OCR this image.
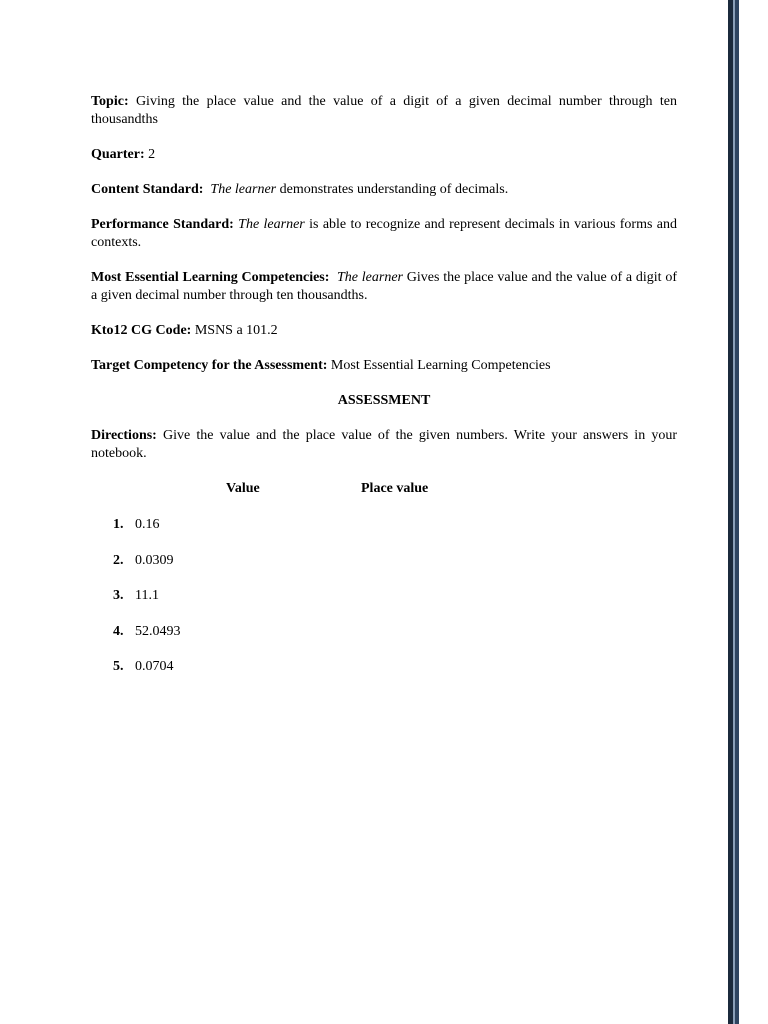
Topic: Giving the place value and the value of a digit of a given decimal number through ten thousandths

Quarter: 2

Content Standard: The learner demonstrates understanding of decimals.

Performance Standard: The learner is able to recognize and represent decimals in various forms and contexts.

Most Essential Learning Competencies: The learner Gives the place value and the value of a digit of a given decimal number through ten thousandths.

Kto12 CG Code: MSNS a 101.2

Target Competency for the Assessment: Most Essential Learning Competencies

ASSESSMENT

Directions: Give the value and the place value of the given numbers. Write your answers in your notebook.

Value	Place value
1. 0.16
2. 0.0309
3. 11.1
4. 52.0493
5. 0.0704
